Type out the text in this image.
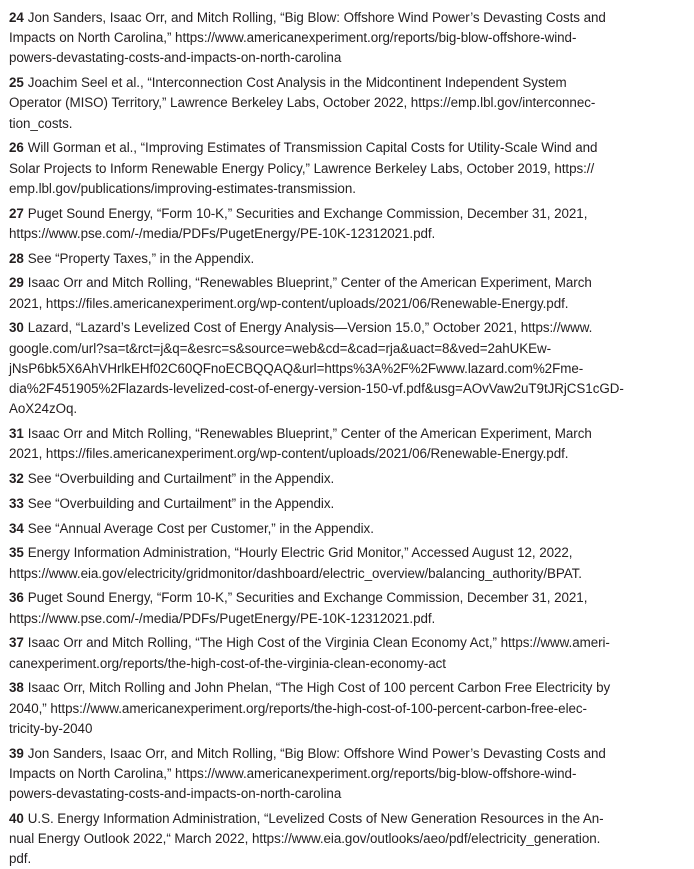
24 Jon Sanders, Isaac Orr, and Mitch Rolling, “Big Blow: Offshore Wind Power’s Devasting Costs and
Impacts on North Carolina,” https://www.americanexperiment.org/reports/big-blow-offshore-wind-
powers-devastating-costs-and-impacts-on-north-carolina
25 Joachim Seel et al., “Interconnection Cost Analysis in the Midcontinent Independent System
Operator (MISO) Territory,” Lawrence Berkeley Labs, October 2022, https://emp.lbl.gov/interconnec-
tion_costs.
26 Will Gorman et al., “Improving Estimates of Transmission Capital Costs for Utility-Scale Wind and
Solar Projects to Inform Renewable Energy Policy,” Lawrence Berkeley Labs, October 2019, https://
emp.lbl.gov/publications/improving-estimates-transmission.
27 Puget Sound Energy, “Form 10-K,” Securities and Exchange Commission, December 31, 2021,
https://www.pse.com/-/media/PDFs/PugetEnergy/PE-10K-12312021.pdf.
28 See “Property Taxes,” in the Appendix.
29 Isaac Orr and Mitch Rolling, “Renewables Blueprint,” Center of the American Experiment, March
2021, https://files.americanexperiment.org/wp-content/uploads/2021/06/Renewable-Energy.pdf.
30 Lazard, “Lazard’s Levelized Cost of Energy Analysis—Version 15.0,” October 2021, https://www.
google.com/url?sa=t&rct=j&q=&esrc=s&source=web&cd=&cad=rja&uact=8&ved=2ahUKEw-
jNsP6bk5X6AhVHrlkEHf02C60QFnoECBQQAQ&url=https%3A%2F%2Fwww.lazard.com%2Fme-
dia%2F451905%2Flazards-levelized-cost-of-energy-version-150-vf.pdf&usg=AOvVaw2uT9tJRjCS1cGD-
AoX24zOq.
31 Isaac Orr and Mitch Rolling, “Renewables Blueprint,” Center of the American Experiment, March
2021, https://files.americanexperiment.org/wp-content/uploads/2021/06/Renewable-Energy.pdf.
32 See “Overbuilding and Curtailment” in the Appendix.
33 See “Overbuilding and Curtailment” in the Appendix.
34 See “Annual Average Cost per Customer,” in the Appendix.
35 Energy Information Administration, “Hourly Electric Grid Monitor,” Accessed August 12, 2022,
https://www.eia.gov/electricity/gridmonitor/dashboard/electric_overview/balancing_authority/BPAT.
36 Puget Sound Energy, “Form 10-K,” Securities and Exchange Commission, December 31, 2021,
https://www.pse.com/-/media/PDFs/PugetEnergy/PE-10K-12312021.pdf.
37 Isaac Orr and Mitch Rolling, “The High Cost of the Virginia Clean Economy Act,” https://www.ameri-
canexperiment.org/reports/the-high-cost-of-the-virginia-clean-economy-act
38 Isaac Orr, Mitch Rolling and John Phelan, “The High Cost of 100 percent Carbon Free Electricity by
2040,” https://www.americanexperiment.org/reports/the-high-cost-of-100-percent-carbon-free-elec-
tricity-by-2040
39 Jon Sanders, Isaac Orr, and Mitch Rolling, “Big Blow: Offshore Wind Power’s Devasting Costs and
Impacts on North Carolina,” https://www.americanexperiment.org/reports/big-blow-offshore-wind-
powers-devastating-costs-and-impacts-on-north-carolina
40 U.S. Energy Information Administration, “Levelized Costs of New Generation Resources in the An-
nual Energy Outlook 2022,“ March 2022, https://www.eia.gov/outlooks/aeo/pdf/electricity_generation.
pdf.
